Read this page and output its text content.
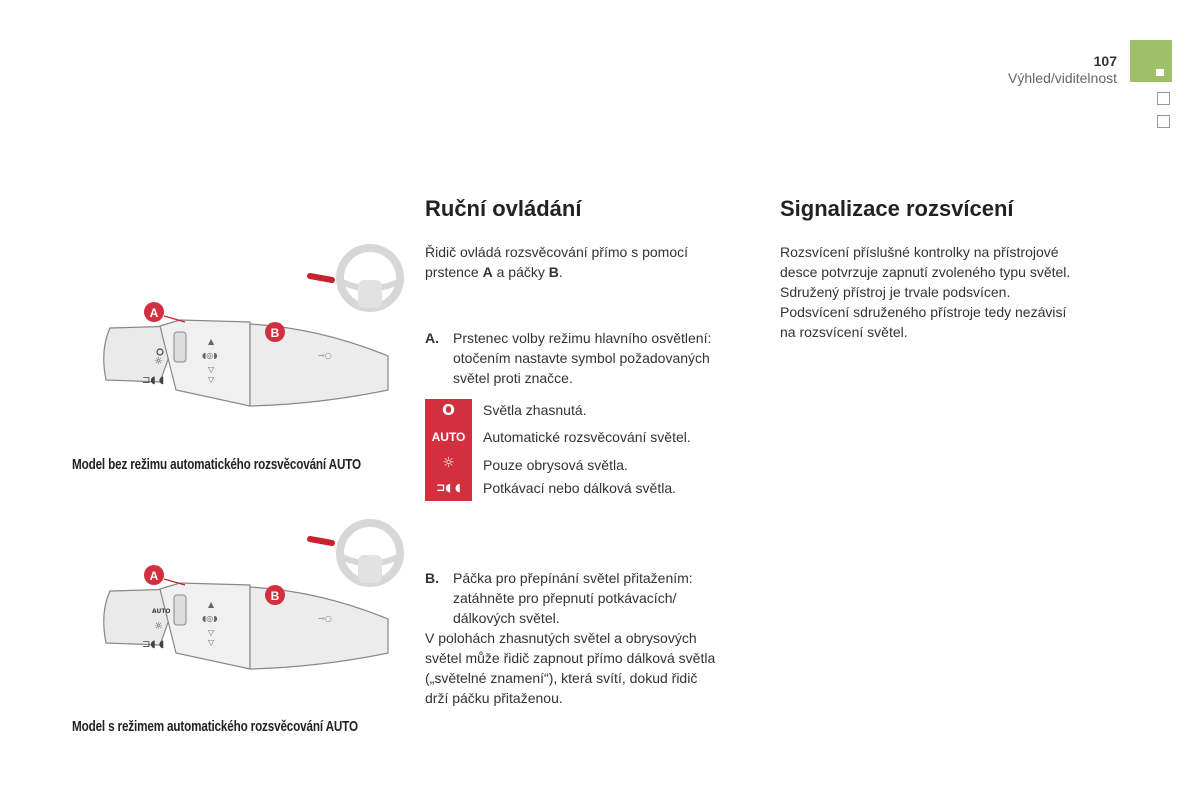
107
Výhled/viditelnost
☼
⊐◖ ◖
▲
◖◎◗
▽
▽
⊸○
A
B
Model bez režimu automatického rozsvěcování AUTO
AUTO
☼
⊐◖ ◖
▲
◖◎◗
▽
▽
⊸○
A
B
Model s režimem automatického rozsvěcování AUTO
Ruční ovládání

Řidič ovládá rozsvěcování přímo s pomocí

prstence A a páčky B.

A. Prstenec volby režimu hlavního osvětlení:
otočením nastavte symbol požadovaných
světel proti značce.
O
AUTO
☼
⊐◖ ◖
Světla zhasnutá.
Automatické rozsvěcování světel.
Pouze obrysová světla.
Potkávací nebo dálková světla.
B. Páčka pro přepínání světel přitažením:
zatáhněte pro přepnutí potkávacích/
dálkových světel.

V polohách zhasnutých světel a obrysových

světel může řidič zapnout přímo dálková světla

(„světelné znamení“), která svítí, dokud řidič

drží páčku přitaženou.

Signalizace rozsvícení

Rozsvícení příslušné kontrolky na přístrojové

desce potvrzuje zapnutí zvoleného typu světel.

Sdružený přístroj je trvale podsvícen.

Podsvícení sdruženého přístroje tedy nezávisí

na rozsvícení světel.
